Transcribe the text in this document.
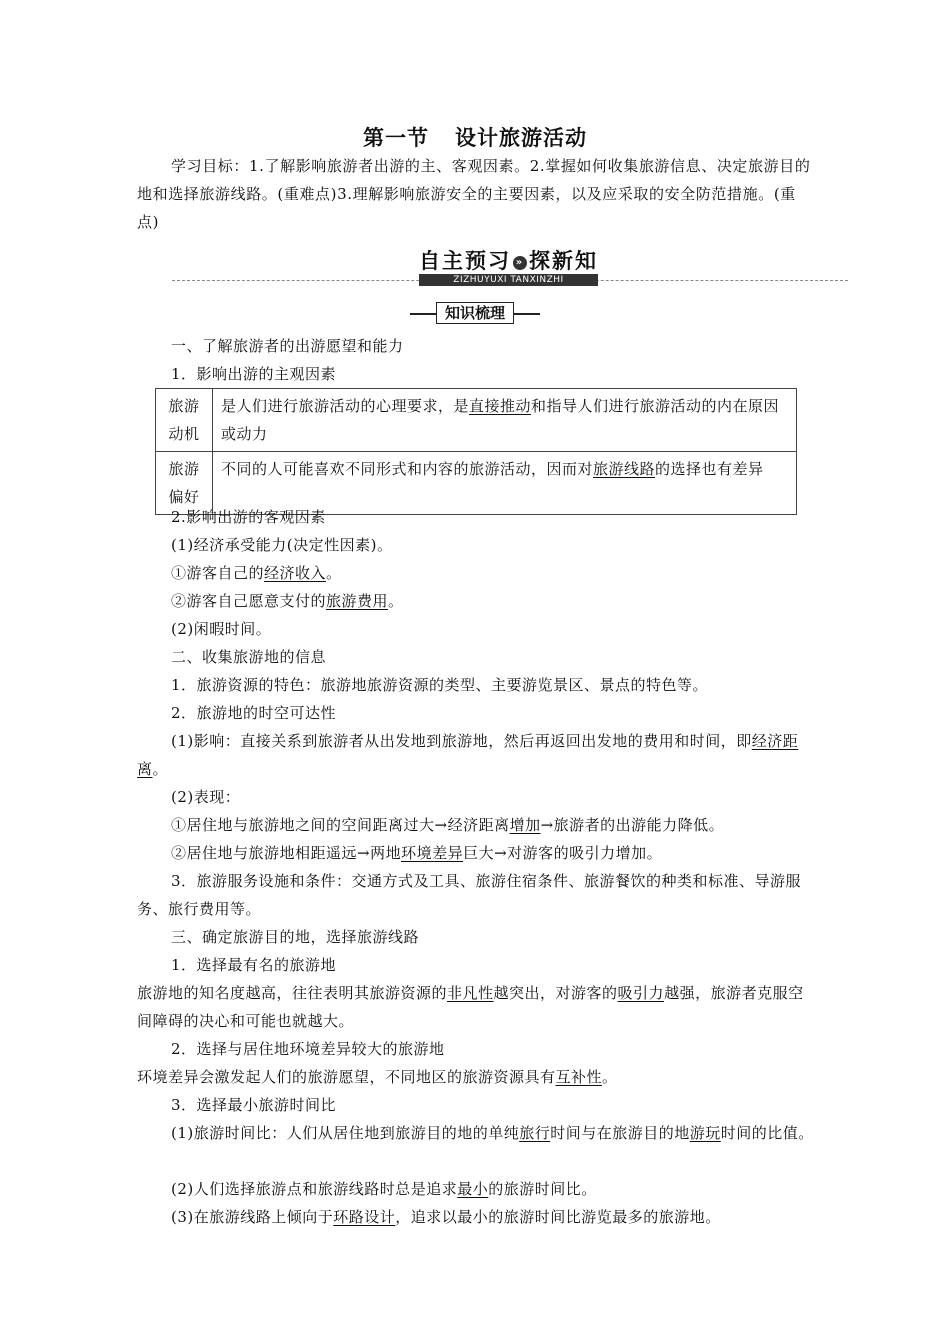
第一节 设计旅游活动
学习目标：1.了解影响旅游者出游的主、客观因素。2.掌握如何收集旅游信息、决定旅游目的地和选择旅游线路。(重难点)3.理解影响旅游安全的主要因素，以及应采取的安全防范措施。(重点)
自主预习 » 探新知
ZIZHUYUXI TANXINZHI
知识梳理
一、了解旅游者的出游愿望和能力
1．影响出游的主观因素
旅游动机	是人们进行旅游活动的心理要求，是直接推动和指导人们进行旅游活动的内在原因或动力
旅游偏好	不同的人可能喜欢不同形式和内容的旅游活动，因而对旅游线路的选择也有差异
2.影响出游的客观因素
(1)经济承受能力(决定性因素)。
①游客自己的经济收入。
②游客自己愿意支付的旅游费用。
(2)闲暇时间。
二、收集旅游地的信息
1．旅游资源的特色：旅游地旅游资源的类型、主要游览景区、景点的特色等。
2．旅游地的时空可达性
(1)影响：直接关系到旅游者从出发地到旅游地，然后再返回出发地的费用和时间，即经济距离。
(2)表现：
①居住地与旅游地之间的空间距离过大→经济距离增加→旅游者的出游能力降低。
②居住地与旅游地相距遥远→两地环境差异巨大→对游客的吸引力增加。
3．旅游服务设施和条件：交通方式及工具、旅游住宿条件、旅游餐饮的种类和标准、导游服务、旅行费用等。
三、确定旅游目的地，选择旅游线路
1．选择最有名的旅游地
旅游地的知名度越高，往往表明其旅游资源的非凡性越突出，对游客的吸引力越强，旅游者克服空间障碍的决心和可能也就越大。
2．选择与居住地环境差异较大的旅游地
环境差异会激发起人们的旅游愿望，不同地区的旅游资源具有互补性。
3．选择最小旅游时间比
(1)旅游时间比：人们从居住地到旅游目的地的单纯旅行时间与在旅游目的地游玩时间的比值。
(2)人们选择旅游点和旅游线路时总是追求最小的旅游时间比。
(3)在旅游线路上倾向于环路设计，追求以最小的旅游时间比游览最多的旅游地。
